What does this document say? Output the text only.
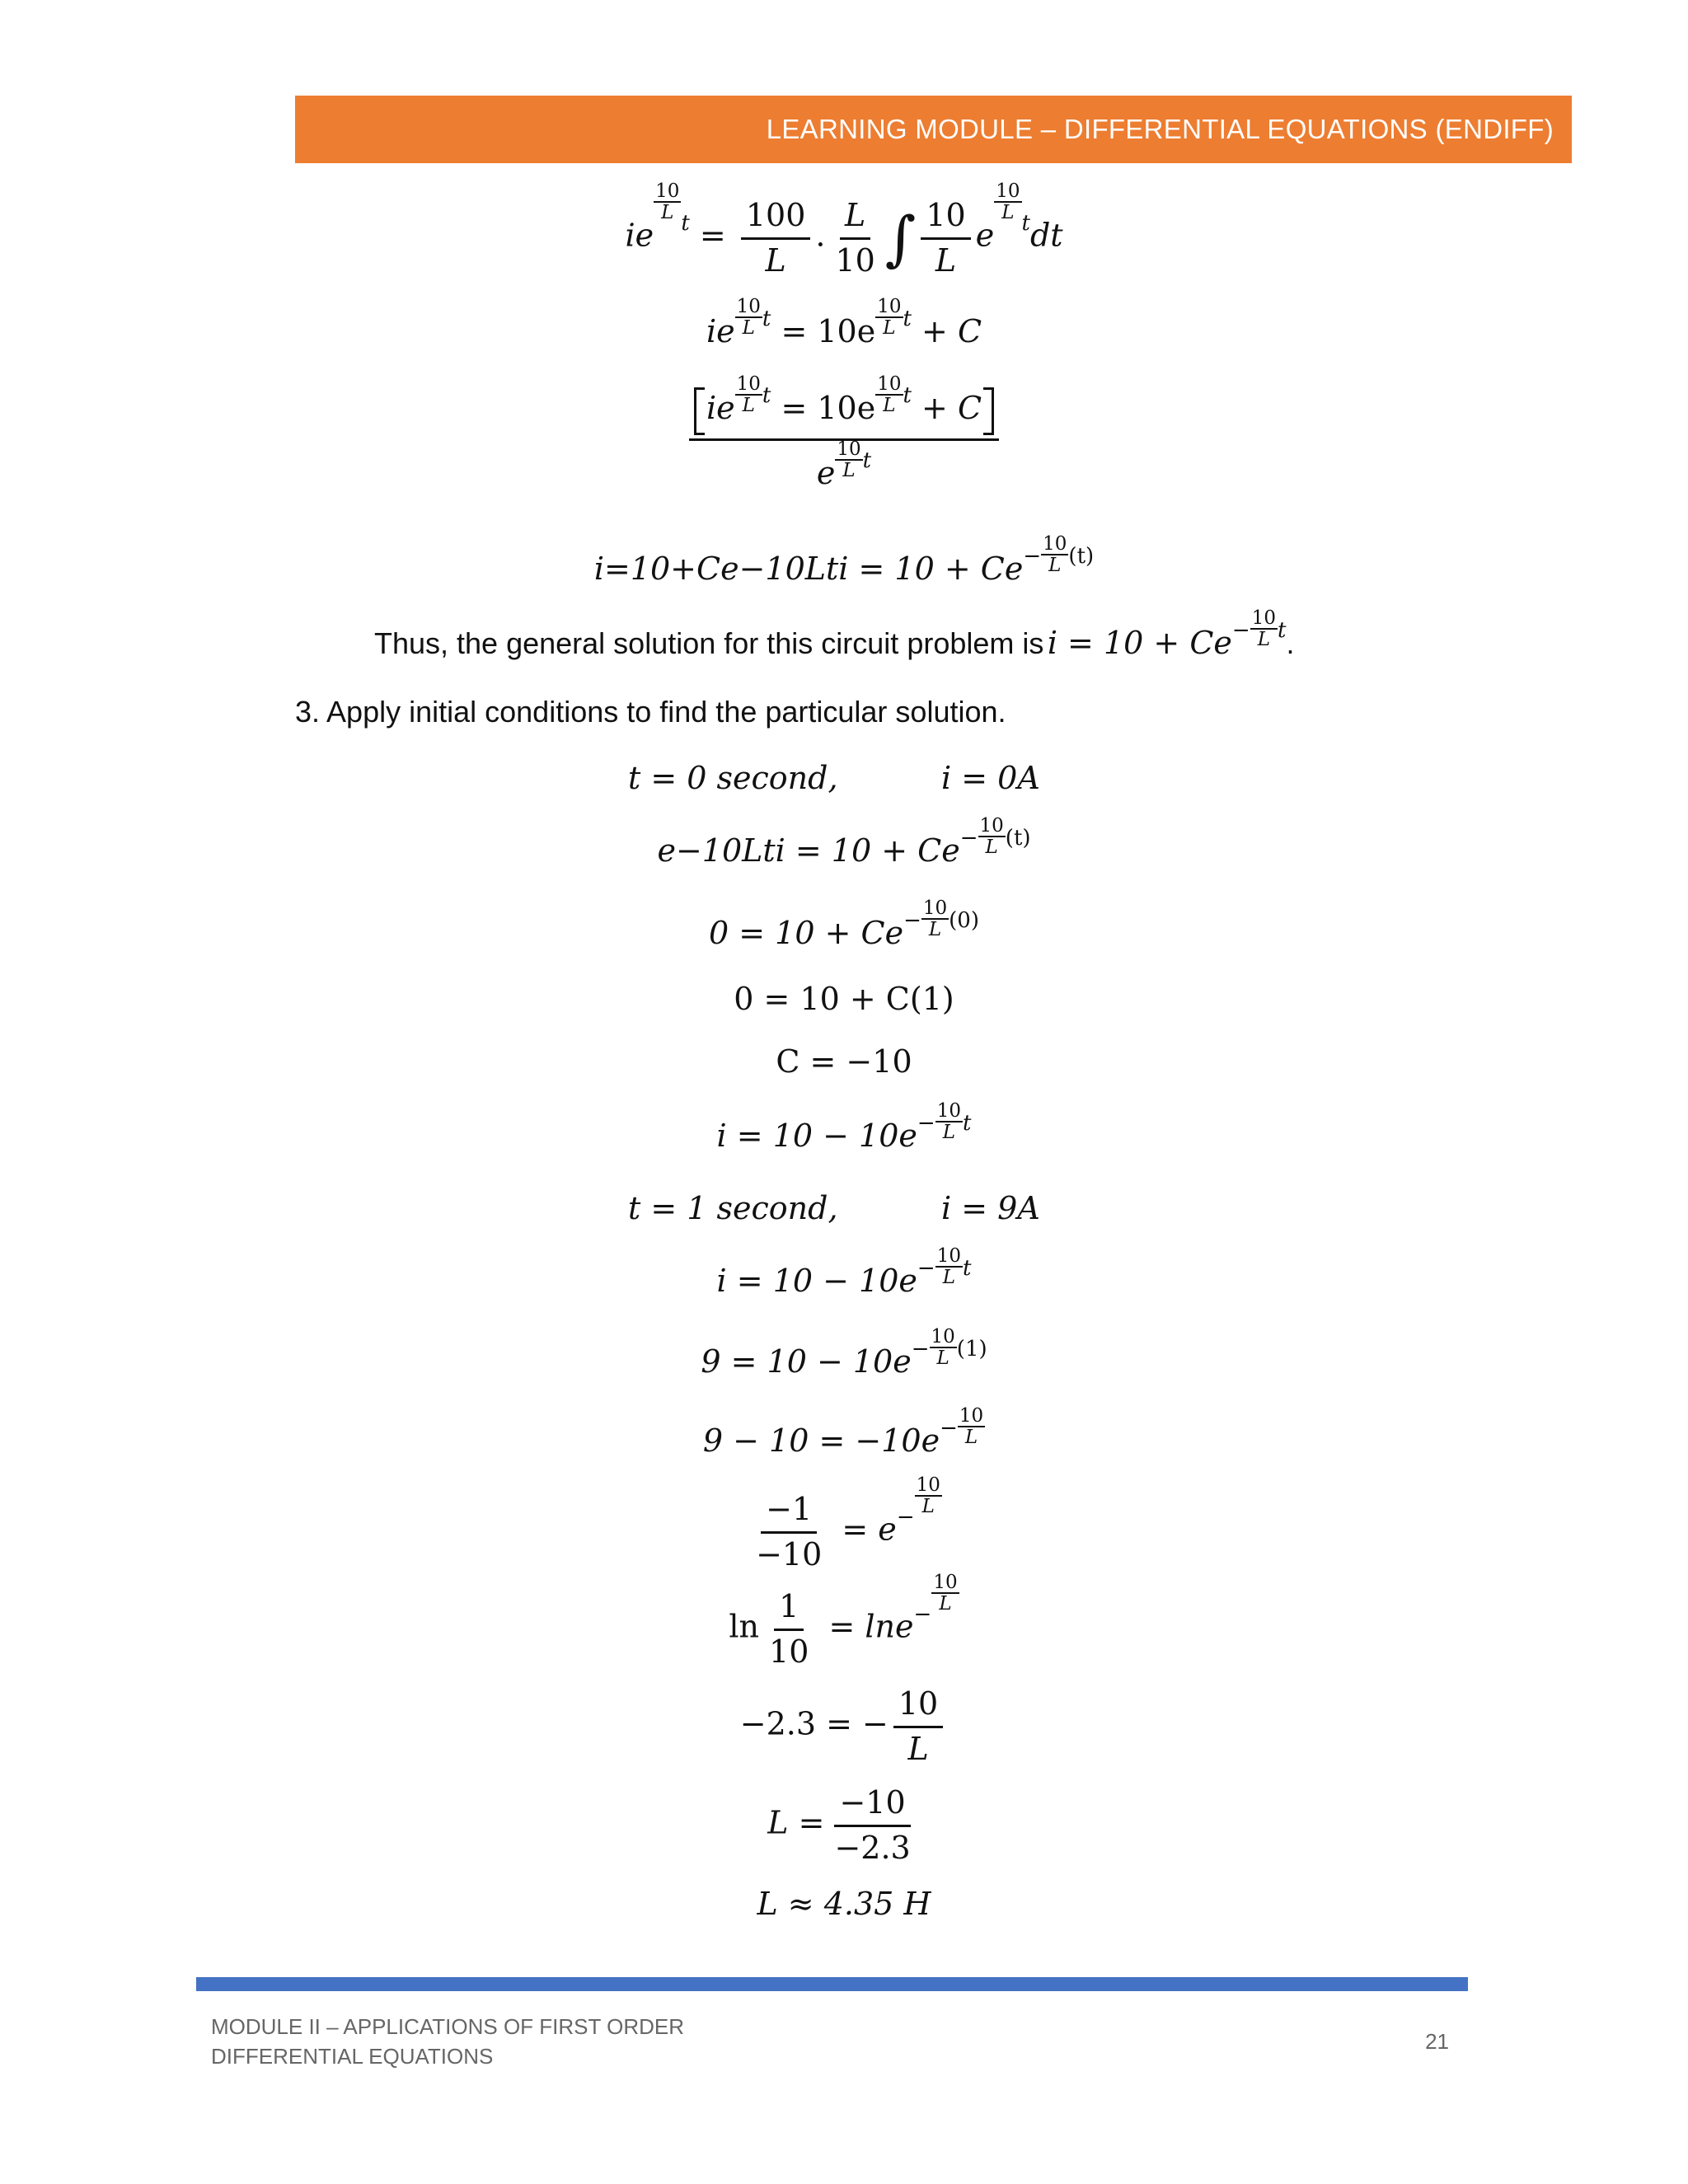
LEARNING MODULE – DIFFERENTIAL EQUATIONS (ENDIFF)
ie
$^{\frac{10}{L} t} = \frac{100}{L}$ . $\frac{L}{10}$ ∫ $\frac{10}{L}$ e
$^{\frac{10}{L} t}$dt
ie $^{\frac{10}{L} t}$ = 10e $^{\frac{10}{L} t}$ + C
ie $^{\frac{10}{L} t}$ = 10e $^{\frac{10}{L} t}$ + C
e $^{\frac{10}{L} t}$
$i=10+Ce-10Lti = 10 + Ce^{- \frac{10}{L} (t)}$
Thus, the general solution for this circuit problem is $i = 10 + Ce^{- \frac{10}{L} t}$.
3. Apply initial conditions to find the particular solution.
t = 0 second,	i = 0A
$e-10Lti = 10 + Ce^{- \frac{10}{L} (t)}$
$0 = 10 + Ce^{- \frac{10}{L} (0)}$
0 = 10 + C(1)
C = −10
$i = 10 - 10e^{- \frac{10}{L} t}$
t = 1 second,	i = 9A
$i = 10 - 10e^{- \frac{10}{L} t}$
$9 = 10 - 10e^{- \frac{10}{L} (1)}$
$9 - 10 = -10e^{- \frac{10}{L}}$
$\frac{-1}{-10} = e^{- \frac{10}{L}}$
$\ln \frac{1}{10} = \ln e^{- \frac{10}{L}}$
−2.3 = − $\frac{10}{L}$
$L = \frac{-10}{-2.3}$
L ≈ 4.35 H
MODULE II – APPLICATIONS OF FIRST ORDER DIFFERENTIAL EQUATIONS
21
